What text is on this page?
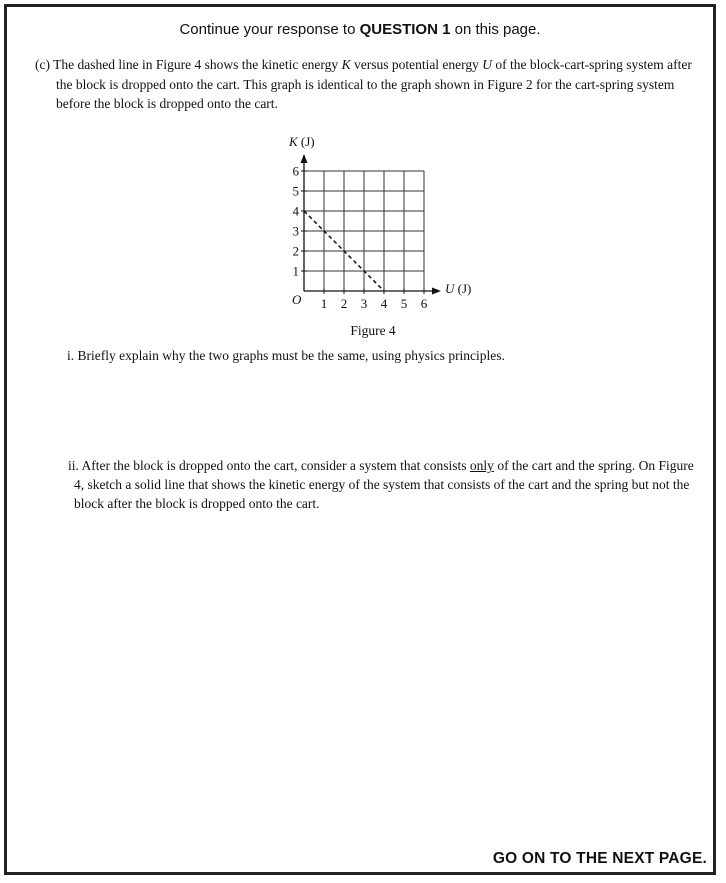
Continue your response to QUESTION 1 on this page.
(c) The dashed line in Figure 4 shows the kinetic energy K versus potential energy U of the block-cart-spring system after the block is dropped onto the cart. This graph is identical to the graph shown in Figure 2 for the cart-spring system before the block is dropped onto the cart.
i. Briefly explain why the two graphs must be the same, using physics principles.
ii. After the block is dropped onto the cart, consider a system that consists only of the cart and the spring. On Figure 4, sketch a solid line that shows the kinetic energy of the system that consists of the cart and the spring but not the block after the block is dropped onto the cart.
GO ON TO THE NEXT PAGE.
1 2 3 4 5 6
1
2
3
4
5
6
K (J)
U (J)
O
Figure 4
